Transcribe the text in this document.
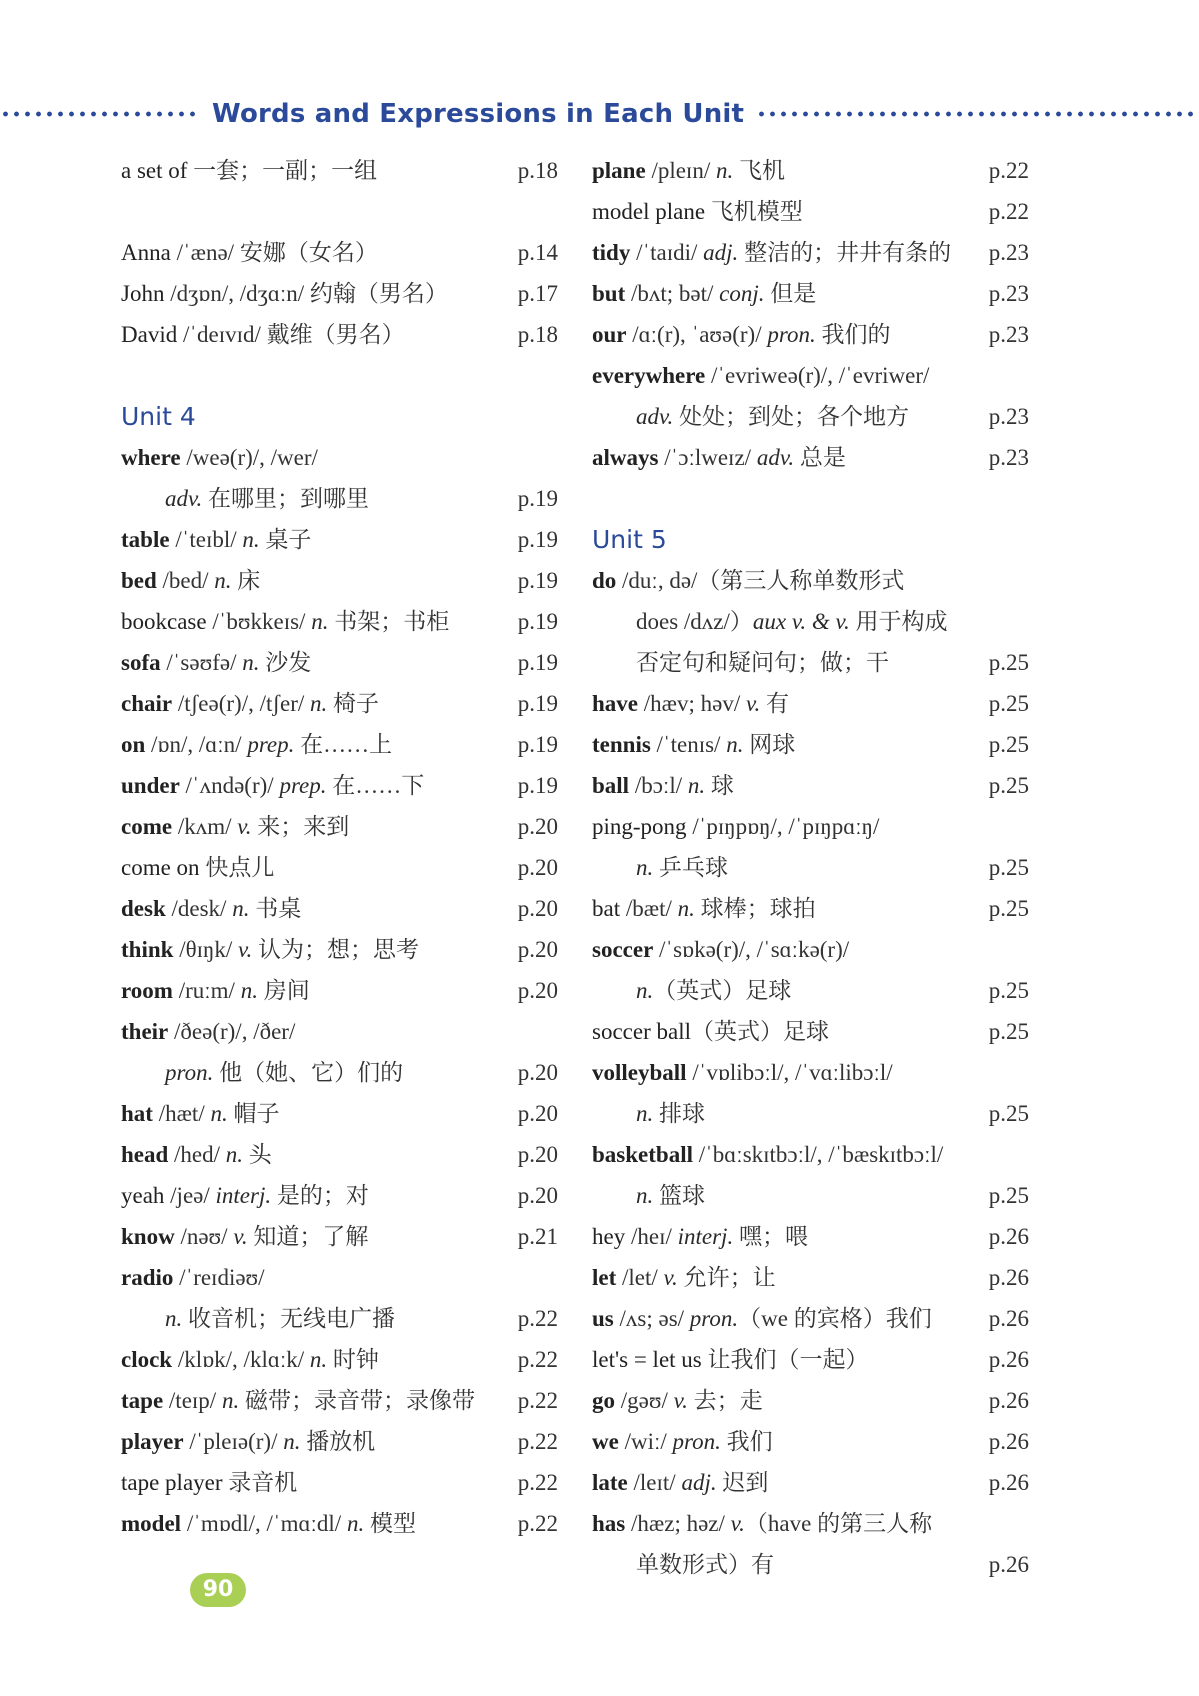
Words and Expressions in Each Unit
a set of 一套；一副；一组	p.18
Anna /ˈænə/ 安娜（女名）	p.14
John /dʒɒn/, /dʒɑːn/ 约翰（男名）	p.17
David /ˈdeɪvɪd/ 戴维（男名）	p.18
Unit 4
where /weə(r)/, /wer/
adv. 在哪里；到哪里	p.19
table /ˈteɪbl/ n. 桌子	p.19
bed /bed/ n. 床	p.19
bookcase /ˈbʊkkeɪs/ n. 书架；书柜	p.19
sofa /ˈsəʊfə/ n. 沙发	p.19
chair /tʃeə(r)/, /tʃer/ n. 椅子	p.19
on /ɒn/, /ɑːn/ prep. 在……上	p.19
under /ˈʌndə(r)/ prep. 在……下	p.19
come /kʌm/ v. 来；来到	p.20
come on 快点儿	p.20
desk /desk/ n. 书桌	p.20
think /θɪŋk/ v. 认为；想；思考	p.20
room /ruːm/ n. 房间	p.20
their /ðeə(r)/, /ðer/
pron. 他（她、它）们的	p.20
hat /hæt/ n. 帽子	p.20
head /hed/ n. 头	p.20
yeah /jeə/ interj. 是的；对	p.20
know /nəʊ/ v. 知道；了解	p.21
radio /ˈreɪdiəʊ/
n. 收音机；无线电广播	p.22
clock /klɒk/, /klɑːk/ n. 时钟	p.22
tape /teɪp/ n. 磁带；录音带；录像带 p.22
player /ˈpleɪə(r)/ n. 播放机	p.22
tape player 录音机	p.22
model /ˈmɒdl/, /ˈmɑːdl/ n. 模型	p.22
plane /pleɪn/ n. 飞机	p.22
model plane 飞机模型	p.22
tidy /ˈtaɪdi/ adj. 整洁的；井井有条的 p.23
but /bʌt; bət/ conj. 但是	p.23
our /ɑː(r), ˈaʊə(r)/ pron. 我们的	p.23
everywhere /ˈevriweə(r)/, /ˈevriwer/
adv. 处处；到处；各个地方	p.23
always /ˈɔːlweɪz/ adv. 总是	p.23
Unit 5
do /duː, də/（第三人称单数形式
does /dʌz/）aux v. & v. 用于构成
否定句和疑问句；做；干	p.25
have /hæv; həv/ v. 有	p.25
tennis /ˈtenɪs/ n. 网球	p.25
ball /bɔːl/ n. 球	p.25
ping-pong /ˈpɪŋpɒŋ/, /ˈpɪŋpɑːŋ/
n. 乒乓球	p.25
bat /bæt/ n. 球棒；球拍	p.25
soccer /ˈsɒkə(r)/, /ˈsɑːkə(r)/
n.（英式）足球	p.25
soccer ball（英式）足球	p.25
volleyball /ˈvɒlibɔːl/, /ˈvɑːlibɔːl/
n. 排球	p.25
basketball /ˈbɑːskɪtbɔːl/, /ˈbæskɪtbɔːl/
n. 篮球	p.25
hey /heɪ/ interj. 嘿；喂	p.26
let /let/ v. 允许；让	p.26
us /ʌs; əs/ pron.（we 的宾格）我们 p.26
let's = let us 让我们（一起）	p.26
go /gəʊ/ v. 去；走	p.26
we /wiː/ pron. 我们	p.26
late /leɪt/ adj. 迟到	p.26
has /hæz; həz/ v.（have 的第三人称
单数形式）有	p.26
90
